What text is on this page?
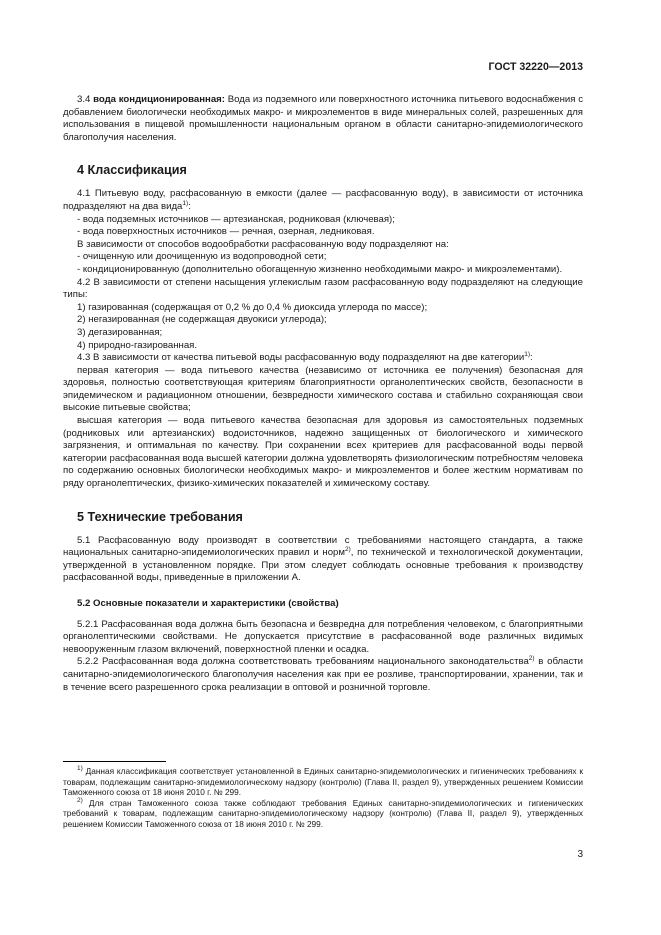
ГОСТ 32220—2013

3.4 вода кондиционированная: Вода из подземного или поверхностного источника питьевого водоснабжения с добавлением биологически необходимых макро- и микроэлементов в виде минеральных солей, разрешенных для использования в пищевой промышленности национальным органом в области санитарно-эпидемиологического благополучия населения.

4 Классификация

4.1 Питьевую воду, расфасованную в емкости (далее — расфасованную воду), в зависимости от источника подразделяют на два вида$^{1)}$:

- вода подземных источников — артезианская, родниковая (ключевая);

- вода поверхностных источников — речная, озерная, ледниковая.

В зависимости от способов водообработки расфасованную воду подразделяют на:

- очищенную или доочищенную из водопроводной сети;

- кондиционированную (дополнительно обогащенную жизненно необходимыми макро- и микроэлементами).

4.2 В зависимости от степени насыщения углекислым газом расфасованную воду подразделяют на следующие типы:

1) газированная (содержащая от 0,2 % до 0,4 % диоксида углерода по массе);

2) негазированная (не содержащая двуокиси углерода);

3) дегазированная;

4) природно-газированная.

4.3 В зависимости от качества питьевой воды расфасованную воду подразделяют на две категории$^{1)}$:

первая категория — вода питьевого качества (независимо от источника ее получения) безопасная для здоровья, полностью соответствующая критериям благоприятности органолептических свойств, безопасности в эпидемическом и радиационном отношении, безвредности химического состава и стабильно сохраняющая свои высокие питьевые свойства;

высшая категория — вода питьевого качества безопасная для здоровья из самостоятельных подземных (родниковых или артезианских) водоисточников, надежно защищенных от биологического и химического загрязнения, и оптимальная по качеству. При сохранении всех критериев для расфасованной воды первой категории расфасованная вода высшей категории должна удовлетворять физиологическим потребностям человека по содержанию основных биологически необходимых макро- и микроэлементов и более жестким нормативам по ряду органолептических, физико-химических показателей и химическому составу.

5 Технические требования

5.1 Расфасованную воду производят в соответствии с требованиями настоящего стандарта, а также национальных санитарно-эпидемиологических правил и норм$^{2)}$, по технической и технологической документации, утвержденной в установленном порядке. При этом следует соблюдать основные требования к производству расфасованной воды, приведенные в приложении А.

5.2 Основные показатели и характеристики (свойства)

5.2.1 Расфасованная вода должна быть безопасна и безвредна для потребления человеком, с благоприятными органолептическими свойствами. Не допускается присутствие в расфасованной воде различных видимых невооруженным глазом включений, поверхностной пленки и осадка.

5.2.2 Расфасованная вода должна соответствовать требованиям национального законодательства$^{2)}$ в области санитарно-эпидемиологического благополучия населения как при ее розливе, транспортировании, хранении, так и в течение всего разрешенного срока реализации в оптовой и розничной торговле.

$^{1)}$ Данная классификация соответствует установленной в Единых санитарно-эпидемиологических и гигиенических требованиях к товарам, подлежащим санитарно-эпидемиологическому надзору (контролю) (Глава II, раздел 9), утвержденных решением Комиссии Таможенного союза от 18 июня 2010 г. № 299.

$^{2)}$ Для стран Таможенного союза также соблюдают требования Единых санитарно-эпидемиологических и гигиенических требований к товарам, подлежащим санитарно-эпидемиологическому надзору (контролю) (Глава II, раздел 9), утвержденных решением Комиссии Таможенного союза от 18 июня 2010 г. № 299.

3
